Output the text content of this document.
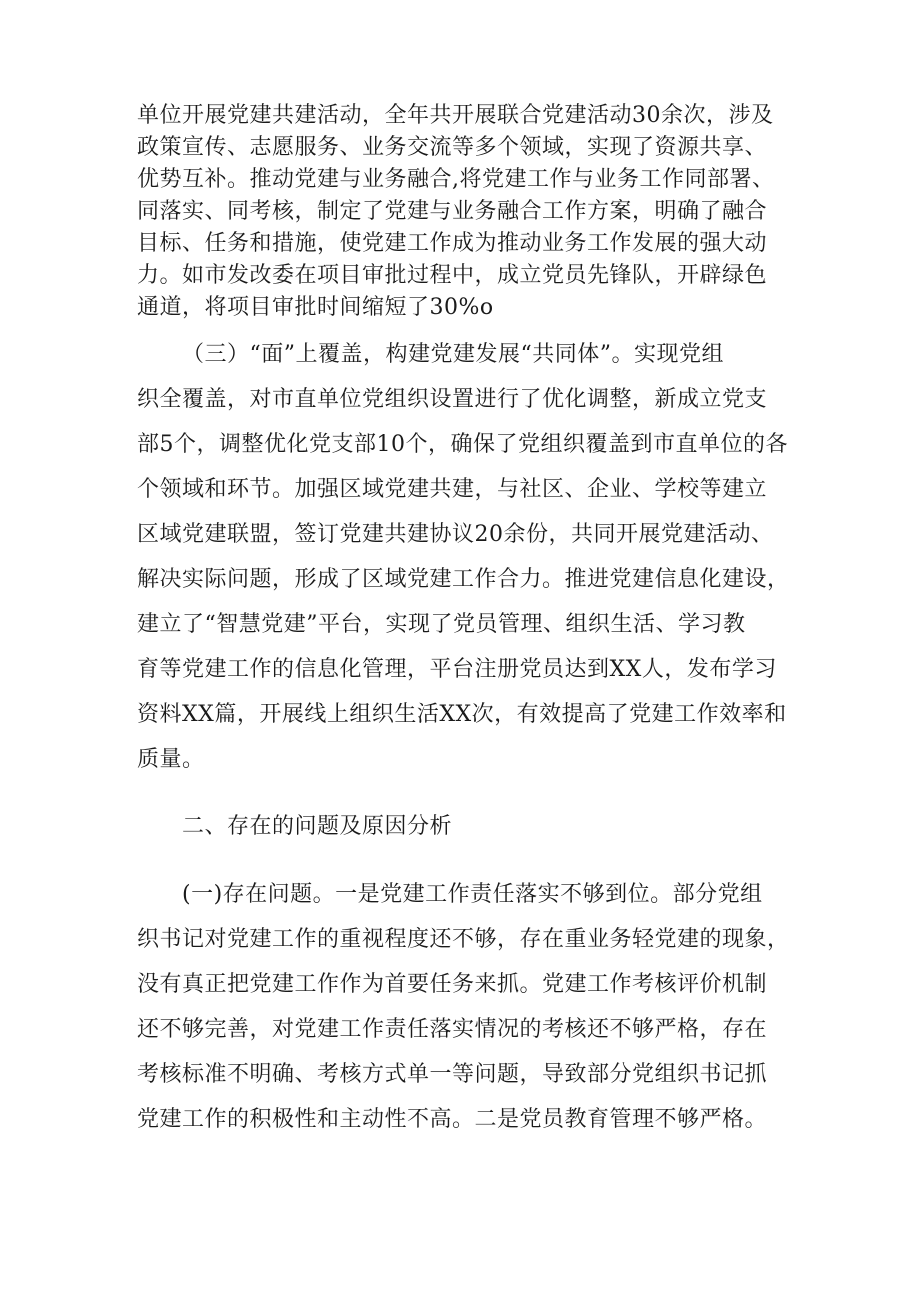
单位开展党建共建活动，全年共开展联合党建活动30余次，涉及
政策宣传、志愿服务、业务交流等多个领域，实现了资源共享、
优势互补。推动党建与业务融合,将党建工作与业务工作同部署、
同落实、同考核，制定了党建与业务融合工作方案，明确了融合
目标、任务和措施，使党建工作成为推动业务工作发展的强大动
力。如市发改委在项目审批过程中，成立党员先锋队，开辟绿色
通道，将项目审批时间缩短了30%o
（三）“面”上覆盖，构建党建发展“共同体”。实现党组
织全覆盖，对市直单位党组织设置进行了优化调整，新成立党支
部5个，调整优化党支部10个，确保了党组织覆盖到市直单位的各
个领域和环节。加强区域党建共建，与社区、企业、学校等建立
区域党建联盟，签订党建共建协议20余份，共同开展党建活动、
解决实际问题，形成了区域党建工作合力。推进党建信息化建设，
建立了“智慧党建”平台，实现了党员管理、组织生活、学习教
育等党建工作的信息化管理，平台注册党员达到XX人，发布学习
资料XX篇，开展线上组织生活XX次，有效提高了党建工作效率和
质量。
二、存在的问题及原因分析
(一)存在问题。一是党建工作责任落实不够到位。部分党组
织书记对党建工作的重视程度还不够，存在重业务轻党建的现象，
没有真正把党建工作作为首要任务来抓。党建工作考核评价机制
还不够完善，对党建工作责任落实情况的考核还不够严格，存在
考核标准不明确、考核方式单一等问题，导致部分党组织书记抓
党建工作的积极性和主动性不高。二是党员教育管理不够严格。
